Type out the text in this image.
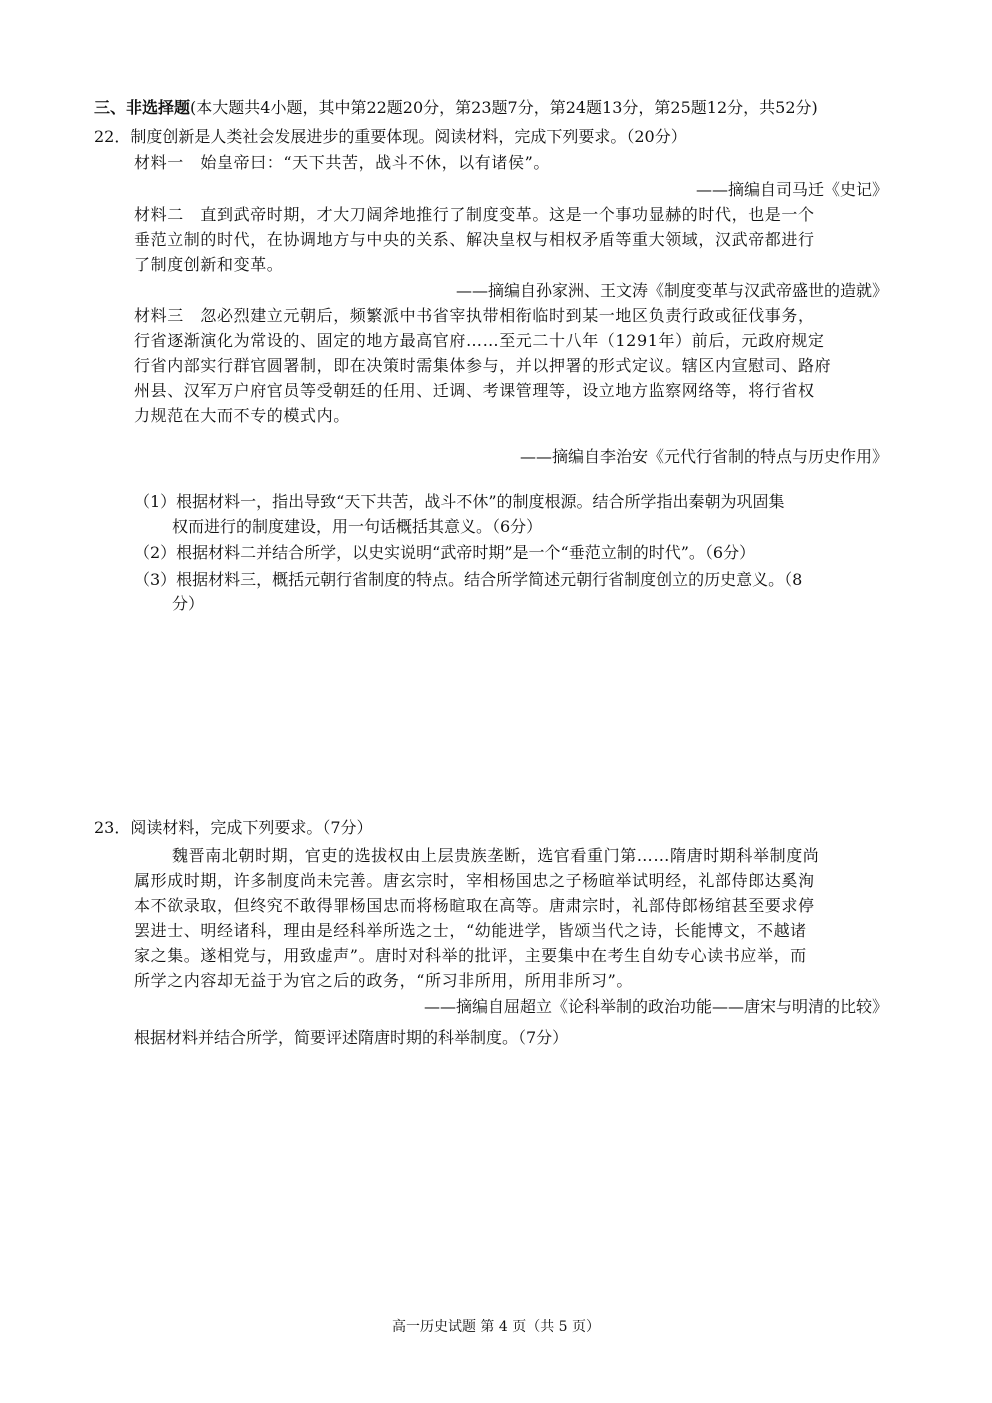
三、非选择题(本大题共4小题，其中第22题20分，第23题7分，第24题13分，第25题12分，共52分)
22．制度创新是人类社会发展进步的重要体现。阅读材料，完成下列要求。（20分）
材料一　始皇帝曰：“天下共苦，战斗不休，以有诸侯”。
——摘编自司马迁《史记》
材料二　直到武帝时期，才大刀阔斧地推行了制度变革。这是一个事功显赫的时代，也是一个
垂范立制的时代，在协调地方与中央的关系、解决皇权与相权矛盾等重大领域，汉武帝都进行
了制度创新和变革。
——摘编自孙家洲、王文涛《制度变革与汉武帝盛世的造就》
材料三　忽必烈建立元朝后，频繁派中书省宰执带相衔临时到某一地区负责行政或征伐事务，
行省逐渐演化为常设的、固定的地方最高官府……至元二十八年（1291年）前后，元政府规定
行省内部实行群官圆署制，即在决策时需集体参与，并以押署的形式定议。辖区内宣慰司、路府
州县、汉军万户府官员等受朝廷的任用、迁调、考课管理等，设立地方监察网络等，将行省权
力规范在大而不专的模式内。
——摘编自李治安《元代行省制的特点与历史作用》
（1）根据材料一，指出导致“天下共苦，战斗不休”的制度根源。结合所学指出秦朝为巩固集
权而进行的制度建设，用一句话概括其意义。（6分）
（2）根据材料二并结合所学，以史实说明“武帝时期”是一个“垂范立制的时代”。（6分）
（3）根据材料三，概括元朝行省制度的特点。结合所学简述元朝行省制度创立的历史意义。（8
分）
23．阅读材料，完成下列要求。（7分）
魏晋南北朝时期，官吏的选拔权由上层贵族垄断，选官看重门第……隋唐时期科举制度尚
属形成时期，许多制度尚未完善。唐玄宗时，宰相杨国忠之子杨暄举试明经，礼部侍郎达奚洵
本不欲录取，但终究不敢得罪杨国忠而将杨暄取在高等。唐肃宗时，礼部侍郎杨绾甚至要求停
罢进士、明经诸科，理由是经科举所选之士，“幼能进学，皆颂当代之诗，长能博文，不越诸
家之集。遂相党与，用致虚声”。唐时对科举的批评，主要集中在考生自幼专心读书应举，而
所学之内容却无益于为官之后的政务，“所习非所用，所用非所习”。
——摘编自屈超立《论科举制的政治功能——唐宋与明清的比较》
根据材料并结合所学，简要评述隋唐时期的科举制度。（7分）
高一历史试题 第 4 页（共 5 页）
